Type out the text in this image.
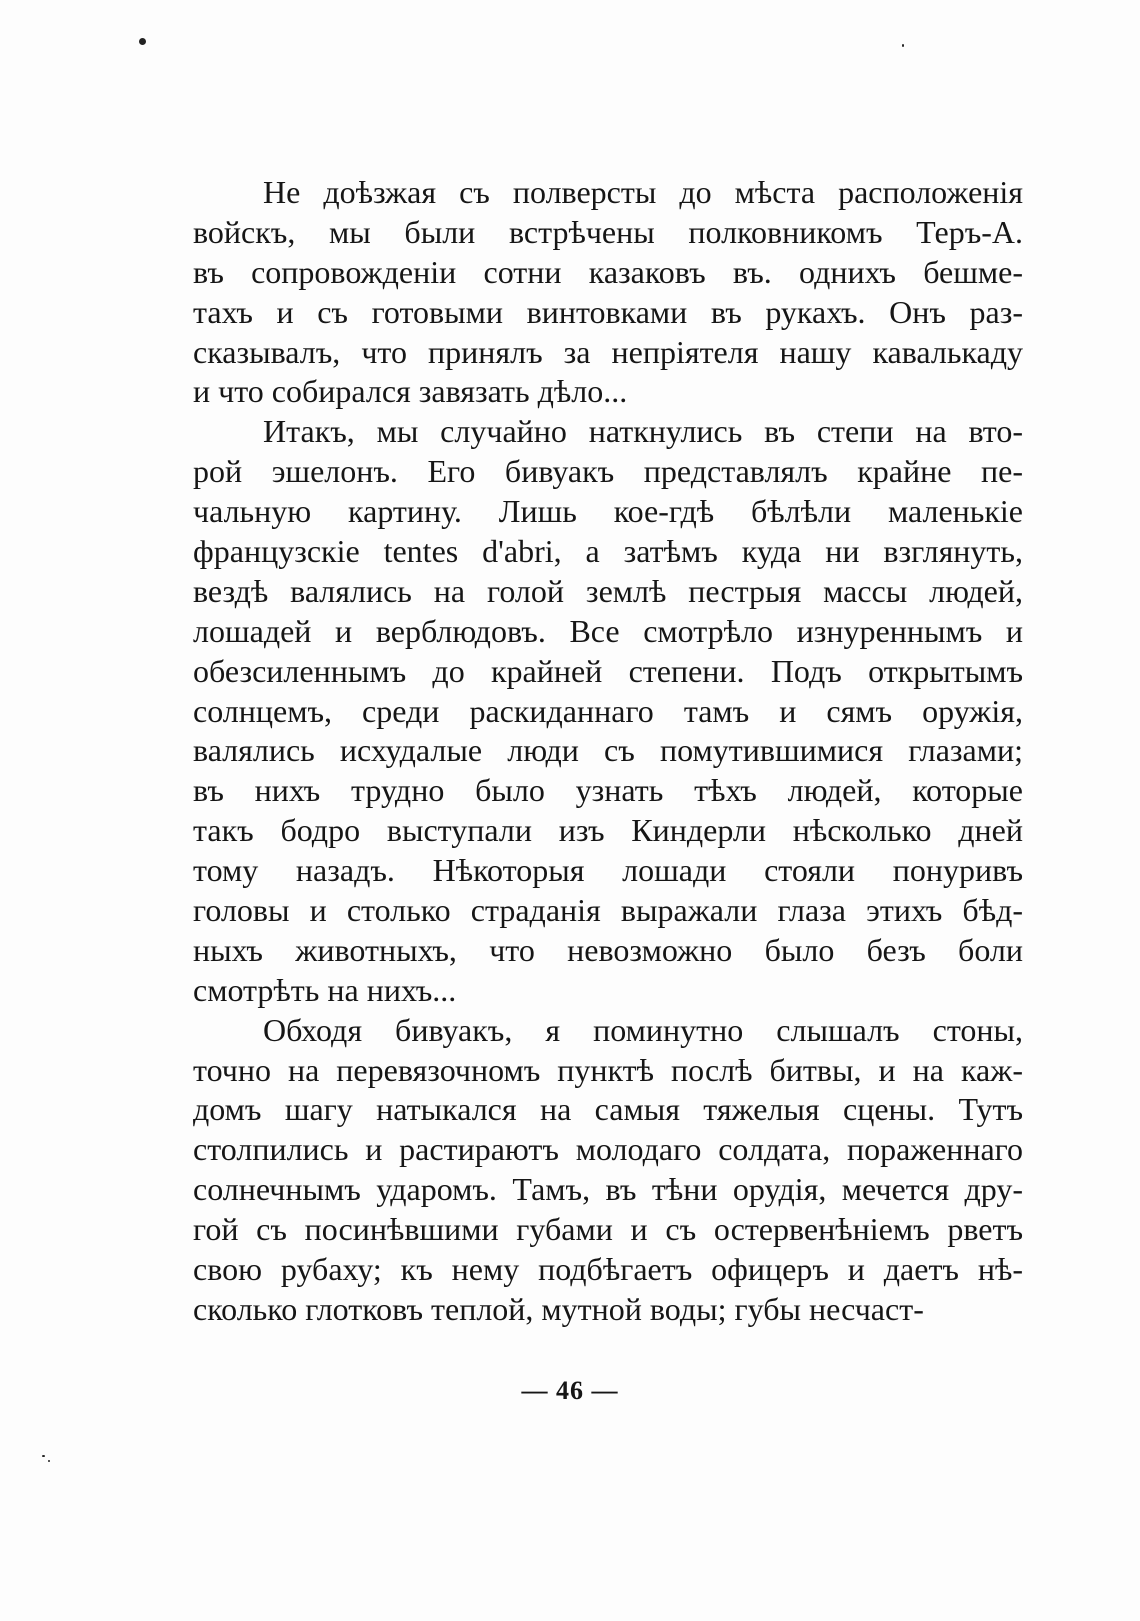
Не доѣзжая съ полверсты до мѣста расположенія
войскъ, мы были встрѣчены полковникомъ Теръ-А.
въ сопровожденіи сотни казаковъ въ. однихъ бешме-
тахъ и съ готовыми винтовками въ рукахъ. Онъ раз-
сказывалъ, что принялъ за непріятеля нашу кавалькаду
и что собирался завязать дѣло...
Итакъ, мы случайно наткнулись въ степи на вто-
рой эшелонъ. Его бивуакъ представлялъ крайне пе-
чальную картину. Лишь кое-гдѣ бѣлѣли маленькіе
французскіе tentes d'abri, а затѣмъ куда ни взглянуть,
вездѣ валялись на голой землѣ пестрыя массы людей,
лошадей и верблюдовъ. Все смотрѣло изнуреннымъ и
обезсиленнымъ до крайней степени. Подъ открытымъ
солнцемъ, среди раскиданнаго тамъ и сямъ оружія,
валялись исхудалые люди съ помутившимися глазами;
въ нихъ трудно было узнать тѣхъ людей, которые
такъ бодро выступали изъ Киндерли нѣсколько дней
тому назадъ. Нѣкоторыя лошади стояли понуривъ
головы и столько страданія выражали глаза этихъ бѣд-
ныхъ животныхъ, что невозможно было безъ боли
смотрѣть на нихъ...
Обходя бивуакъ, я поминутно слышалъ стоны,
точно на перевязочномъ пунктѣ послѣ битвы, и на каж-
домъ шагу натыкался на самыя тяжелыя сцены. Тутъ
столпились и растираютъ молодаго солдата, пораженнаго
солнечнымъ ударомъ. Тамъ, въ тѣни орудія, мечется дру-
гой съ посинѣвшими губами и съ остервенѣніемъ рветъ
свою рубаху; къ нему подбѣгаетъ офицеръ и даетъ нѣ-
сколько глотковъ теплой, мутной воды; губы несчаст-
— 46 —
